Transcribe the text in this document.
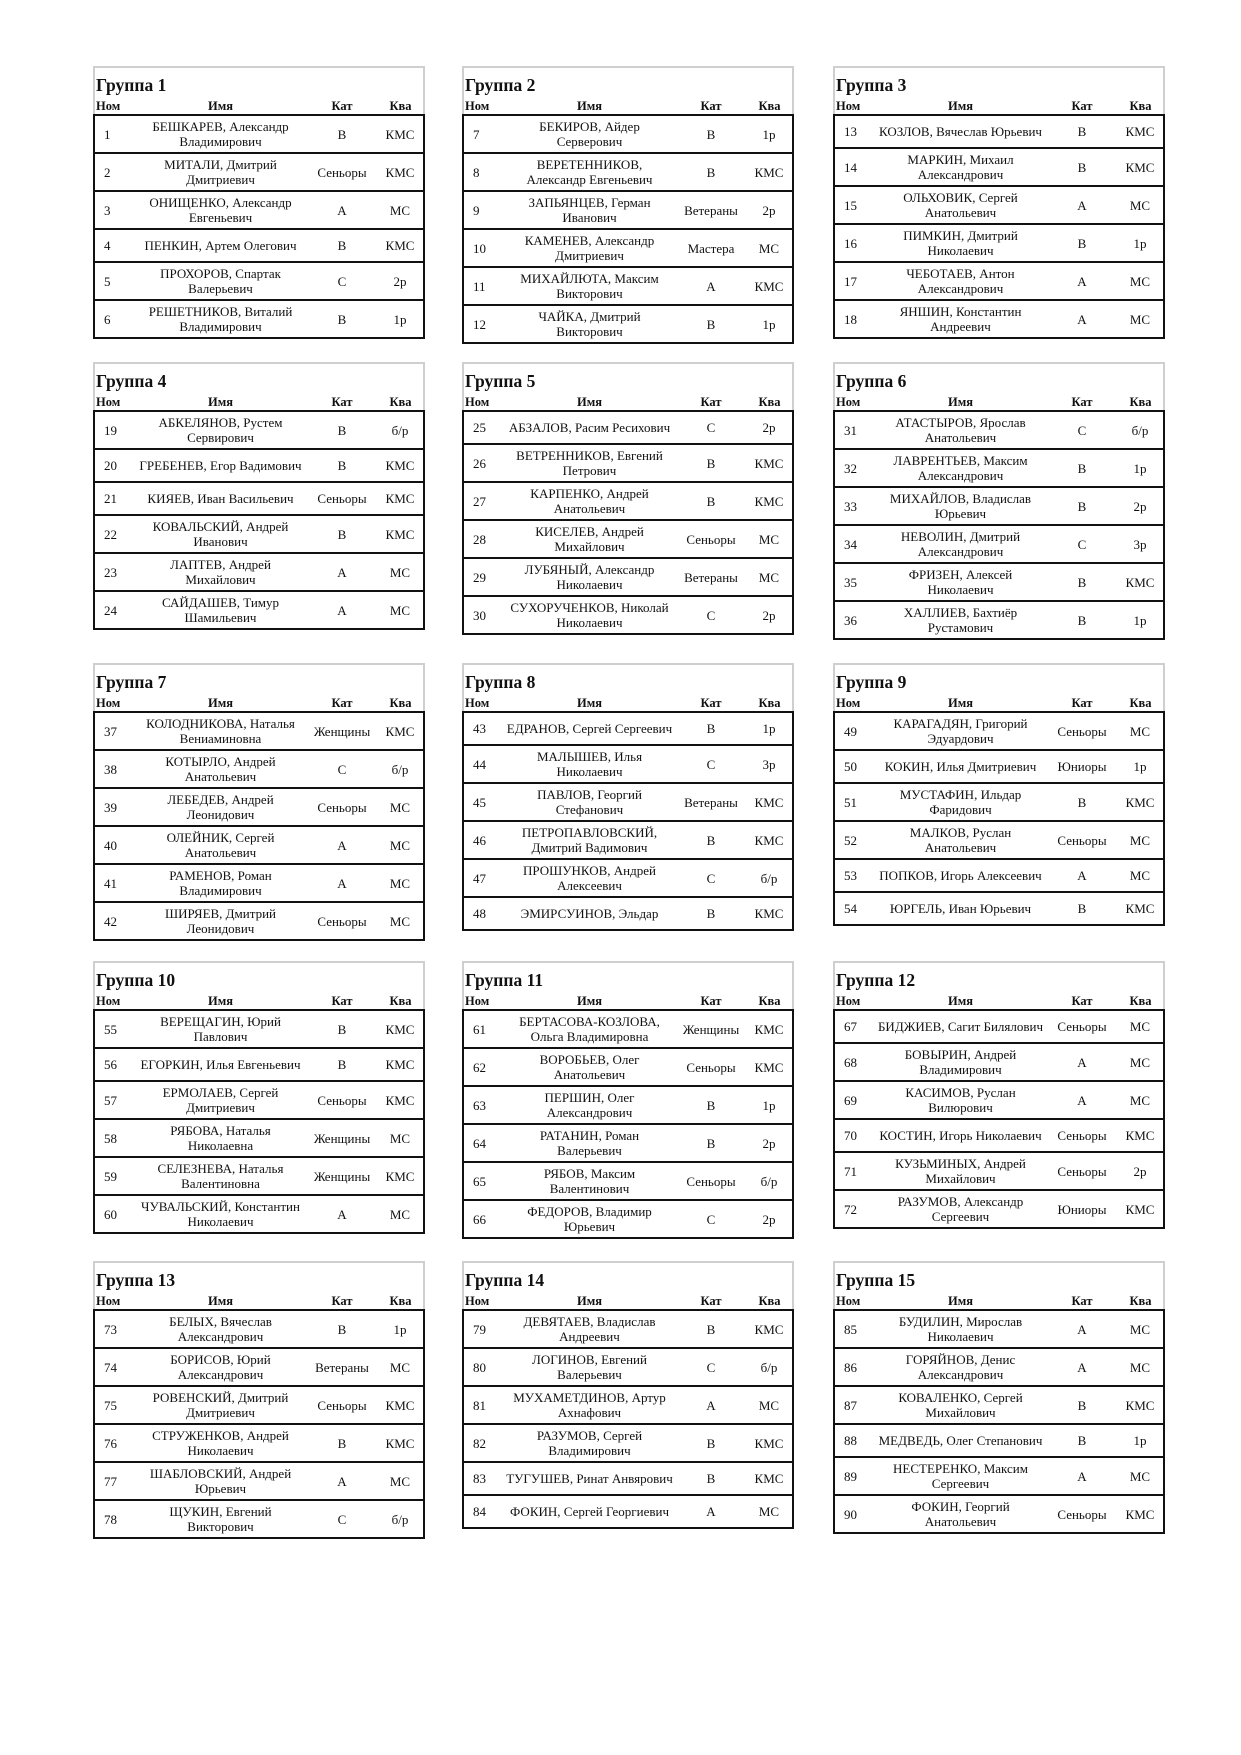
Группа 1
Ном	Имя	Кат	Ква
1	БЕШКАРЕВ, Александр Владимирович	В	КМС
2	МИТАЛИ, Дмитрий Дмитриевич	Сеньоры	КМС
3	ОНИЩЕНКО, Александр Евгеньевич	А	МС
4	ПЕНКИН, Артем Олегович	В	КМС
5	ПРОХОРОВ, Спартак Валерьевич	С	2р
6	РЕШЕТНИКОВ, Виталий Владимирович	В	1р
Группа 2
Ном	Имя	Кат	Ква
7	БЕКИРОВ, Айдер Серверович	В	1р
8	ВЕРЕТЕННИКОВ, Александр Евгеньевич	В	КМС
9	ЗАПЬЯНЦЕВ, Герман Иванович	Ветераны	2р
10	КАМЕНЕВ, Александр Дмитриевич	Мастера	МС
11	МИХАЙЛЮТА, Максим Викторович	А	КМС
12	ЧАЙКА, Дмитрий Викторович	В	1р
Группа 3
Ном	Имя	Кат	Ква
13	КОЗЛОВ, Вячеслав Юрьевич	В	КМС
14	МАРКИН, Михаил Александрович	В	КМС
15	ОЛЬХОВИК, Сергей Анатольевич	А	МС
16	ПИМКИН, Дмитрий Николаевич	В	1р
17	ЧЕБОТАЕВ, Антон Александрович	А	МС
18	ЯНШИН, Константин Андреевич	А	МС
Группа 4
Ном	Имя	Кат	Ква
19	АБКЕЛЯНОВ, Рустем Сервирович	В	б/р
20	ГРЕБЕНЕВ, Егор Вадимович	В	КМС
21	КИЯЕВ, Иван Васильевич	Сеньоры	КМС
22	КОВАЛЬСКИЙ, Андрей Иванович	В	КМС
23	ЛАПТЕВ, Андрей Михайлович	А	МС
24	САЙДАШЕВ, Тимур Шамильевич	А	МС
Группа 5
Ном	Имя	Кат	Ква
25	АБЗАЛОВ, Расим Ресихович	С	2р
26	ВЕТРЕННИКОВ, Евгений Петрович	В	КМС
27	КАРПЕНКО, Андрей Анатольевич	В	КМС
28	КИСЕЛЕВ, Андрей Михайлович	Сеньоры	МС
29	ЛУБЯНЫЙ, Александр Николаевич	Ветераны	МС
30	СУХОРУЧЕНКОВ, Николай Николаевич	С	2р
Группа 6
Ном	Имя	Кат	Ква
31	АТАСТЫРОВ, Ярослав Анатольевич	С	б/р
32	ЛАВРЕНТЬЕВ, Максим Александрович	В	1р
33	МИХАЙЛОВ, Владислав Юрьевич	В	2р
34	НЕВОЛИН, Дмитрий Александрович	С	3р
35	ФРИЗЕН, Алексей Николаевич	В	КМС
36	ХАЛЛИЕВ, Бахтиёр Рустамович	В	1р
Группа 7
Ном	Имя	Кат	Ква
37	КОЛОДНИКОВА, Наталья Вениаминовна	Женщины	КМС
38	КОТЫРЛО, Андрей Анатольевич	С	б/р
39	ЛЕБЕДЕВ, Андрей Леонидович	Сеньоры	МС
40	ОЛЕЙНИК, Сергей Анатольевич	А	МС
41	РАМЕНОВ, Роман Владимирович	А	МС
42	ШИРЯЕВ, Дмитрий Леонидович	Сеньоры	МС
Группа 8
Ном	Имя	Кат	Ква
43	ЕДРАНОВ, Сергей Сергеевич	В	1р
44	МАЛЫШЕВ, Илья Николаевич	С	3р
45	ПАВЛОВ, Георгий Стефанович	Ветераны	КМС
46	ПЕТРОПАВЛОВСКИЙ, Дмитрий Вадимович	В	КМС
47	ПРОШУНКОВ, Андрей Алексеевич	С	б/р
48	ЭМИРСУИНОВ, Эльдар	В	КМС
Группа 9
Ном	Имя	Кат	Ква
49	КАРАГАДЯН, Григорий Эдуардович	Сеньоры	МС
50	КОКИН, Илья Дмитриевич	Юниоры	1р
51	МУСТАФИН, Ильдар Фаридович	В	КМС
52	МАЛКОВ, Руслан Анатольевич	Сеньоры	МС
53	ПОПКОВ, Игорь Алексеевич	А	МС
54	ЮРГЕЛЬ, Иван Юрьевич	В	КМС
Группа 10
Ном	Имя	Кат	Ква
55	ВЕРЕЩАГИН, Юрий Павлович	В	КМС
56	ЕГОРКИН, Илья Евгеньевич	В	КМС
57	ЕРМОЛАЕВ, Сергей Дмитриевич	Сеньоры	КМС
58	РЯБОВА, Наталья Николаевна	Женщины	МС
59	СЕЛЕЗНЕВА, Наталья Валентиновна	Женщины	КМС
60	ЧУВАЛЬСКИЙ, Константин Николаевич	А	МС
Группа 11
Ном	Имя	Кат	Ква
61	БЕРТАСОВА-КОЗЛОВА, Ольга Владимировна	Женщины	КМС
62	ВОРОБЬЕВ, Олег Анатольевич	Сеньоры	КМС
63	ПЕРШИН, Олег Александрович	В	1р
64	РАТАНИН, Роман Валерьевич	В	2р
65	РЯБОВ, Максим Валентинович	Сеньоры	б/р
66	ФЕДОРОВ, Владимир Юрьевич	С	2р
Группа 12
Ном	Имя	Кат	Ква
67	БИДЖИЕВ, Сагит Билялович	Сеньоры	МС
68	БОВЫРИН, Андрей Владимирович	А	МС
69	КАСИМОВ, Руслан Вилюрович	А	МС
70	КОСТИН, Игорь Николаевич	Сеньоры	КМС
71	КУЗЬМИНЫХ, Андрей Михайлович	Сеньоры	2р
72	РАЗУМОВ, Александр Сергеевич	Юниоры	КМС
Группа 13
Ном	Имя	Кат	Ква
73	БЕЛЫХ, Вячеслав Александрович	В	1р
74	БОРИСОВ, Юрий Александрович	Ветераны	МС
75	РОВЕНСКИЙ, Дмитрий Дмитриевич	Сеньоры	КМС
76	СТРУЖЕНКОВ, Андрей Николаевич	В	КМС
77	ШАБЛОВСКИЙ, Андрей Юрьевич	А	МС
78	ЩУКИН, Евгений Викторович	С	б/р
Группа 14
Ном	Имя	Кат	Ква
79	ДЕВЯТАЕВ, Владислав Андреевич	В	КМС
80	ЛОГИНОВ, Евгений Валерьевич	С	б/р
81	МУХАМЕТДИНОВ, Артур Ахнафович	А	МС
82	РАЗУМОВ, Сергей Владимирович	В	КМС
83	ТУГУШЕВ, Ринат Анвярович	В	КМС
84	ФОКИН, Сергей Георгиевич	А	МС
Группа 15
Ном	Имя	Кат	Ква
85	БУДИЛИН, Мирослав Николаевич	А	МС
86	ГОРЯЙНОВ, Денис Александрович	А	МС
87	КОВАЛЕНКО, Сергей Михайлович	В	КМС
88	МЕДВЕДЬ, Олег Степанович	В	1р
89	НЕСТЕРЕНКО, Максим Сергеевич	А	МС
90	ФОКИН, Георгий Анатольевич	Сеньоры	КМС
